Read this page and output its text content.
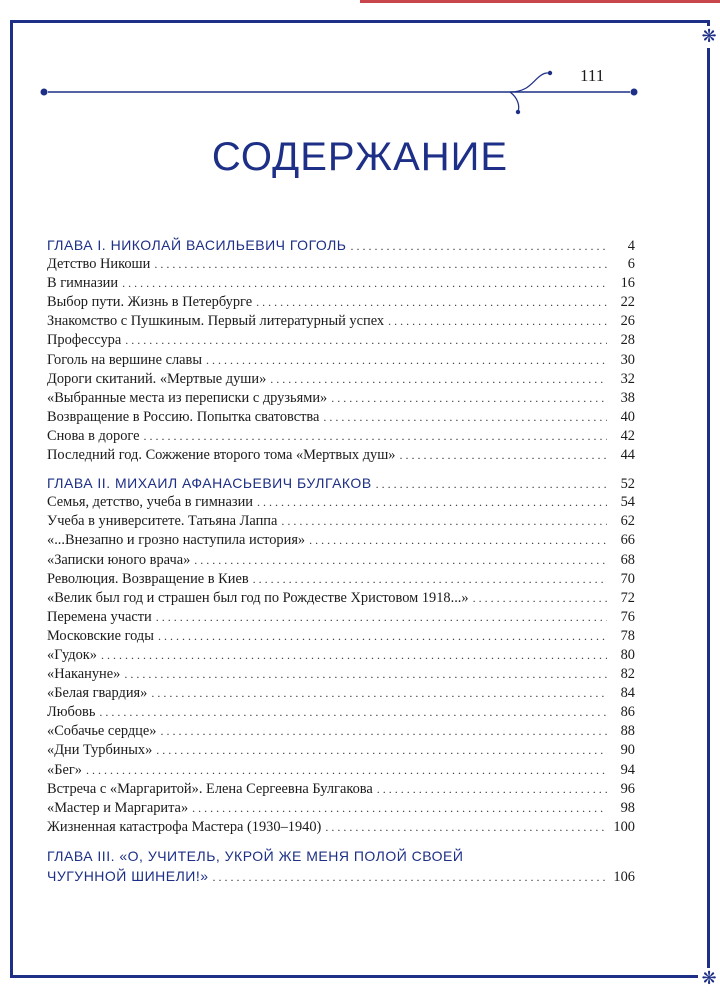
❋
❋
111
СОДЕРЖАНИЕ
ГЛАВА I. НИКОЛАЙ ВАСИЛЬЕВИЧ ГОГОЛЬ . . .	4
Детство Никоши . . .	6
В гимназии . . .	16
Выбор пути. Жизнь в Петербурге . . .	22
Знакомство с Пушкиным. Первый литературный успех . . .	26
Профессура . . .	28
Гоголь на вершине славы . . .	30
Дороги скитаний. «Мертвые души» . . .	32
«Выбранные места из переписки с друзьями» . . .	38
Возвращение в Россию. Попытка сватовства . . .	40
Снова в дороге . . .	42
Последний год. Сожжение второго тома «Мертвых душ» . . .	44
ГЛАВА II. МИХАИЛ АФАНАСЬЕВИЧ БУЛГАКОВ . . .	52
Семья, детство, учеба в гимназии . . .	54
Учеба в университете. Татьяна Лаппа . . .	62
«...Внезапно и грозно наступила история» . . .	66
«Записки юного врача» . . .	68
Революция. Возвращение в Киев . . .	70
«Велик был год и страшен был год по Рождестве Христовом 1918...» . . .	72
Перемена участи . . .	76
Московские годы . . .	78
«Гудок» . . .	80
«Накануне» . . .	82
«Белая гвардия» . . .	84
Любовь . . .	86
«Собачье сердце» . . .	88
«Дни Турбиных» . . .	90
«Бег» . . .	94
Встреча с «Маргаритой». Елена Сергеевна Булгакова . . .	96
«Мастер и Маргарита» . . .	98
Жизненная катастрофа Мастера (1930–1940) . . .	100
ГЛАВА III. «О, УЧИТЕЛЬ, УКРОЙ ЖЕ МЕНЯ ПОЛОЙ СВОЕЙ
ЧУГУННОЙ ШИНЕЛИ!» . . .	106
